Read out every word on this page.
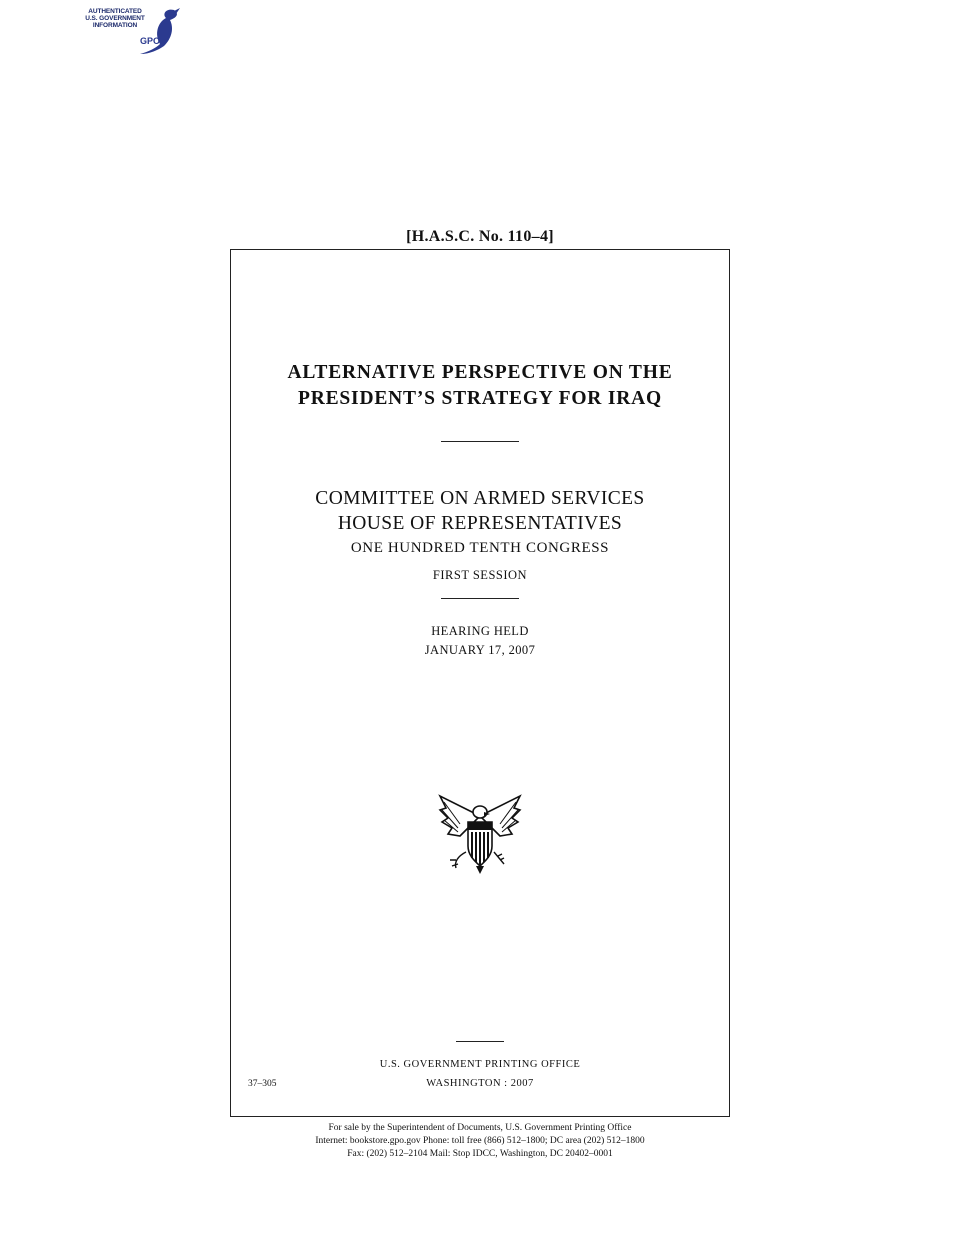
AUTHENTICATED
U.S. GOVERNMENT
INFORMATION
GPO
[H.A.S.C. No. 110–4]
ALTERNATIVE PERSPECTIVE ON THE
PRESIDENT’S STRATEGY FOR IRAQ
COMMITTEE ON ARMED SERVICES
HOUSE OF REPRESENTATIVES
ONE HUNDRED TENTH CONGRESS
FIRST SESSION
HEARING HELD
JANUARY 17, 2007
U.S. GOVERNMENT PRINTING OFFICE
WASHINGTON : 2007
37–305
For sale by the Superintendent of Documents, U.S. Government Printing Office
Internet: bookstore.gpo.gov Phone: toll free (866) 512–1800; DC area (202) 512–1800
Fax: (202) 512–2104 Mail: Stop IDCC, Washington, DC 20402–0001
